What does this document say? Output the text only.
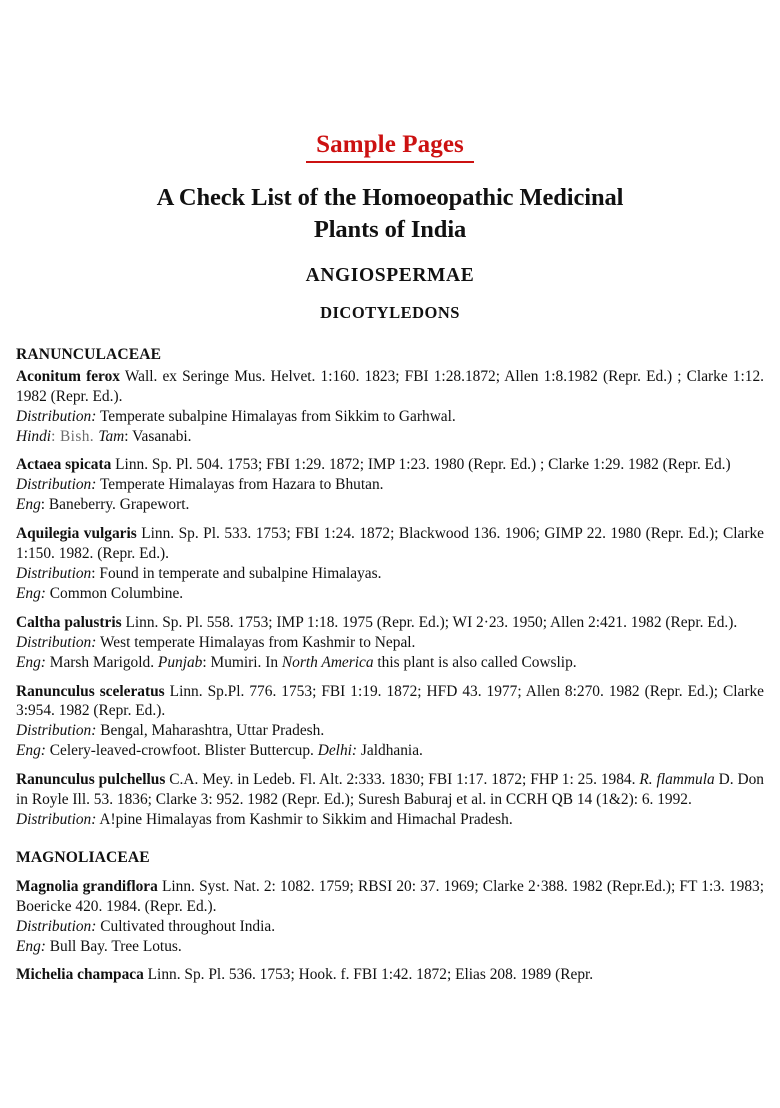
Sample Pages
A Check List of the Homoeopathic Medicinal
Plants of India
ANGIOSPERMAE
DICOTYLEDONS
RANUNCULACEAE

Aconitum ferox Wall. ex Seringe Mus. Helvet. 1:160. 1823; FBI 1:28.1872; Allen 1:8.1982 (Repr. Ed.) ; Clarke 1:12. 1982 (Repr. Ed.).

Distribution: Temperate subalpine Himalayas from Sikkim to Garhwal.

Hindi: Bish. Tam: Vasanabi.

Actaea spicata Linn. Sp. Pl. 504. 1753; FBI 1:29. 1872; IMP 1:23. 1980 (Repr. Ed.) ; Clarke 1:29. 1982 (Repr. Ed.)

Distribution: Temperate Himalayas from Hazara to Bhutan.

Eng: Baneberry. Grapewort.

Aquilegia vulgaris Linn. Sp. Pl. 533. 1753; FBI 1:24. 1872; Blackwood 136. 1906; GIMP 22. 1980 (Repr. Ed.); Clarke 1:150. 1982. (Repr. Ed.).

Distribution: Found in temperate and subalpine Himalayas.

Eng: Common Columbine.

Caltha palustris Linn. Sp. Pl. 558. 1753; IMP 1:18. 1975 (Repr. Ed.); WI 2·23. 1950; Allen 2:421. 1982 (Repr. Ed.).

Distribution: West temperate Himalayas from Kashmir to Nepal.

Eng: Marsh Marigold. Punjab: Mumiri. In North America this plant is also called Cowslip.

Ranunculus sceleratus Linn. Sp.Pl. 776. 1753; FBI 1:19. 1872; HFD 43. 1977; Allen 8:270. 1982 (Repr. Ed.); Clarke 3:954. 1982 (Repr. Ed.).

Distribution: Bengal, Maharashtra, Uttar Pradesh.

Eng: Celery-leaved-crowfoot. Blister Buttercup. Delhi: Jaldhania.

Ranunculus pulchellus C.A. Mey. in Ledeb. Fl. Alt. 2:333. 1830; FBI 1:17. 1872; FHP 1: 25. 1984. R. flammula D. Don in Royle Ill. 53. 1836; Clarke 3: 952. 1982 (Repr. Ed.); Suresh Baburaj et al. in CCRH QB 14 (1&2): 6. 1992.

Distribution: A!pine Himalayas from Kashmir to Sikkim and Himachal Pradesh.

MAGNOLIACEAE

Magnolia grandiflora Linn. Syst. Nat. 2: 1082. 1759; RBSI 20: 37. 1969; Clarke 2·388. 1982 (Repr.Ed.); FT 1:3. 1983; Boericke 420. 1984. (Repr. Ed.).

Distribution: Cultivated throughout India.

Eng: Bull Bay. Tree Lotus.

Michelia champaca Linn. Sp. Pl. 536. 1753; Hook. f. FBI 1:42. 1872; Elias 208. 1989 (Repr.
